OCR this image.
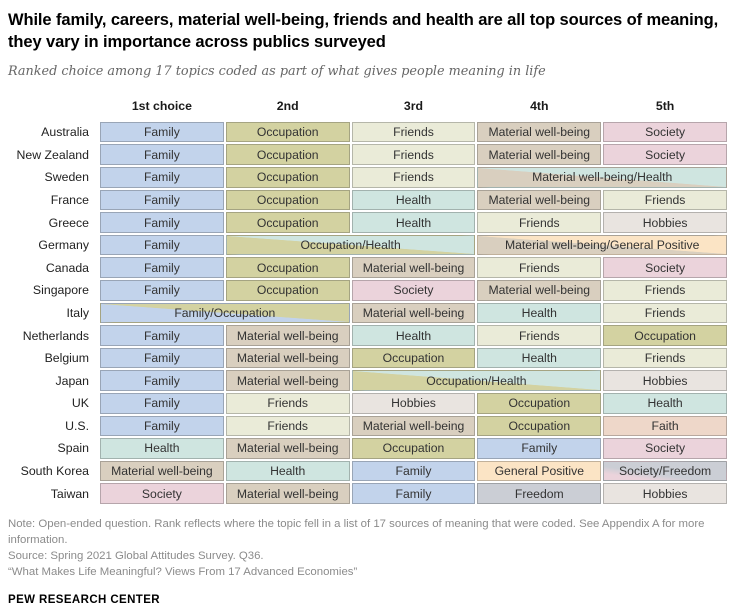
While family, careers, material well-being, friends and health are all top sources of meaning, they vary in importance across publics surveyed

Ranked choice among 17 topics coded as part of what gives people meaning in life

1st choice	2nd	3rd	4th	5th
Australia	Family	Occupation	Friends	Material well-being	Society
New Zealand	Family	Occupation	Friends	Material well-being	Society
Sweden	Family	Occupation	Friends	Material well-being/Health
France	Family	Occupation	Health	Material well-being	Friends
Greece	Family	Occupation	Health	Friends	Hobbies
Germany	Family	Occupation/Health	Material well-being/General Positive
Canada	Family	Occupation	Material well-being	Friends	Society
Singapore	Family	Occupation	Society	Material well-being	Friends
Italy	Family/Occupation	Material well-being	Health	Friends
Netherlands	Family	Material well-being	Health	Friends	Occupation
Belgium	Family	Material well-being	Occupation	Health	Friends
Japan	Family	Material well-being	Occupation/Health	Hobbies
UK	Family	Friends	Hobbies	Occupation	Health
U.S.	Family	Friends	Material well-being	Occupation	Faith
Spain	Health	Material well-being	Occupation	Family	Society
South Korea	Material well-being	Health	Family	General Positive	Society/Freedom
Taiwan	Society	Material well-being	Family	Freedom	Hobbies

Note: Open-ended question. Rank reflects where the topic fell in a list of 17 sources of meaning that were coded. See Appendix A for more information.

Source: Spring 2021 Global Attitudes Survey. Q36.

“What Makes Life Meaningful? Views From 17 Advanced Economies”

PEW RESEARCH CENTER
